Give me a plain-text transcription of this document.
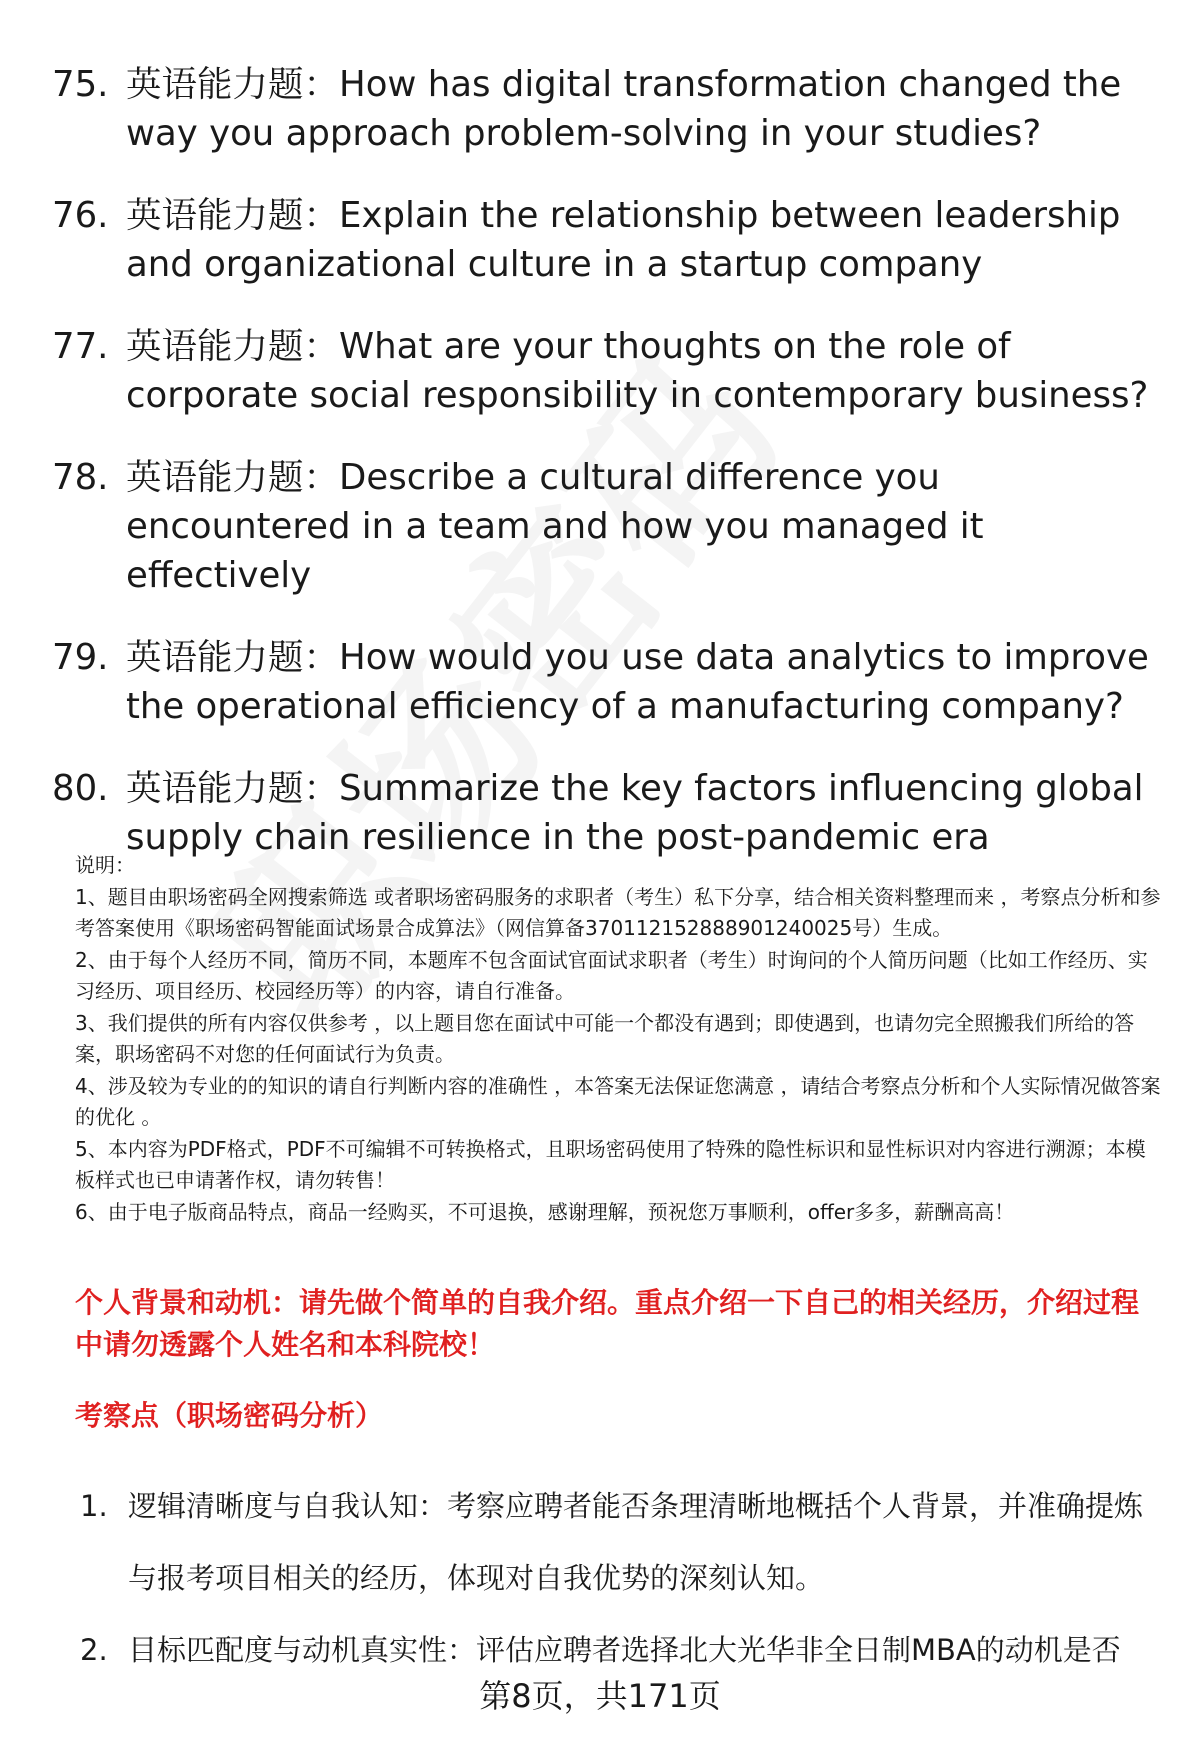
75. 英语能力题：How has digital transformation changed the way you approach problem-solving in your studies?
76. 英语能力题：Explain the relationship between leadership and organizational culture in a startup company
77. 英语能力题：What are your thoughts on the role of corporate social responsibility in contemporary business?
78. 英语能力题：Describe a cultural difference you encountered in a team and how you managed it effectively
79. 英语能力题：How would you use data analytics to improve the operational efficiency of a manufacturing company?
80. 英语能力题：Summarize the key factors influencing global supply chain resilience in the post-pandemic era

说明：

1、题目由职场密码全网搜索筛选 或者职场密码服务的求职者（考生）私下分享，结合相关资料整理而来 ，考察点分析和参考答案使用《职场密码智能面试场景合成算法》（网信算备370112152888901240025号）生成。

2、由于每个人经历不同，简历不同，本题库不包含面试官面试求职者（考生）时询问的个人简历问题（比如工作经历、实习经历、项目经历、校园经历等）的内容，请自行准备。

3、我们提供的所有内容仅供参考 ，以上题目您在面试中可能一个都没有遇到；即使遇到，也请勿完全照搬我们所给的答案，职场密码不对您的任何面试行为负责。

4、涉及较为专业的的知识的请自行判断内容的准确性 ，本答案无法保证您满意 ，请结合考察点分析和个人实际情况做答案的优化 。

5、本内容为PDF格式，PDF不可编辑不可转换格式，且职场密码使用了特殊的隐性标识和显性标识对内容进行溯源；本模板样式也已申请著作权，请勿转售！

6、由于电子版商品特点，商品一经购买，不可退换，感谢理解，预祝您万事顺利，offer多多，薪酬高高！

个人背景和动机：请先做个简单的自我介绍。重点介绍一下自己的相关经历，介绍过程中请勿透露个人姓名和本科院校！
考察点（职场密码分析）
1. 逻辑清晰度与自我认知：考察应聘者能否条理清晰地概括个人背景，并准确提炼与报考项目相关的经历，体现对自我优势的深刻认知。
2. 目标匹配度与动机真实性：评估应聘者选择北大光华非全日制MBA的动机是否
第8页，共171页
